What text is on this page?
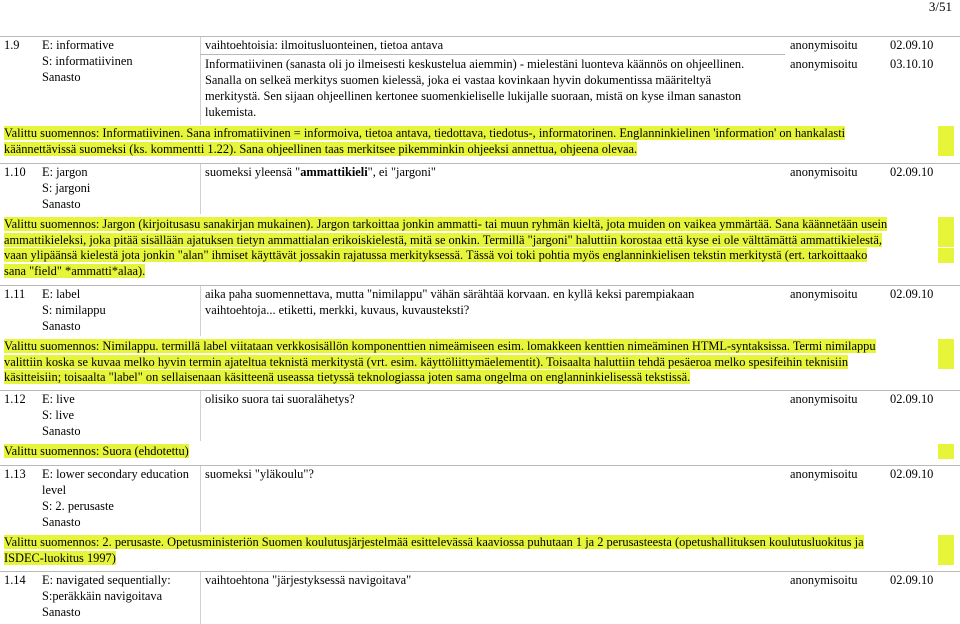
3/51
1.9 E: informative
S: informatiivinen
Sanasto
vaihtoehtoisia: ilmoitusluonteinen, tietoa antava	anonymisoitu	02.09.10
Informatiivinen (sanasta oli jo ilmeisesti keskustelua aiemmin) - mielestäni luonteva käännös on ohjeellinen.
Sanalla on selkeä merkitys suomen kielessä, joka ei vastaa kovinkaan hyvin dokumentissa määriteltyä
merkitystä. Sen sijaan ohjeellinen kertonee suomenkieliselle lukijalle suoraan, mistä on kyse ilman sanaston
lukemista.
anonymisoitu	03.10.10
Valittu suomennos: Informatiivinen. Sana infromatiivinen = informoiva, tietoa antava, tiedottava, tiedotus-, informatorinen. Englanninkielinen 'information' on hankalasti
käännettävissä suomeksi (ks. kommentti 1.22). Sana ohjeellinen taas merkitsee pikemminkin ohjeeksi annettua, ohjeena olevaa.
1.10 E: jargon
S: jargoni
Sanasto
suomeksi yleensä "ammattikieli", ei "jargoni"	anonymisoitu	02.09.10
Valittu suomennos: Jargon (kirjoitusasu sanakirjan mukainen). Jargon tarkoittaa jonkin ammatti- tai muun ryhmän kieltä, jota muiden on vaikea ymmärtää. Sana käännetään usein
ammattikieleksi, joka pitää sisällään ajatuksen tietyn ammattialan erikoiskielestä, mitä se onkin. Termillä "jargoni" haluttiin korostaa että kyse ei ole välttämättä ammattikielestä,
vaan ylipäänsä kielestä jota jonkin "alan" ihmiset käyttävät jossakin rajatussa merkityksessä. Tässä voi toki pohtia myös englanninkielisen tekstin merkitystä (ert. tarkoittaako
sana "field" *ammatti*alaa).
1.11 E: label
S: nimilappu
Sanasto
aika paha suomennettava, mutta "nimilappu" vähän särähtää korvaan. en kyllä keksi parempiakaan
vaihtoehtoja... etiketti, merkki, kuvaus, kuvausteksti?
anonymisoitu	02.09.10
Valittu suomennos: Nimilappu. termillä label viitataan verkkosisällön komponenttien nimeämiseen esim. lomakkeen kenttien nimeäminen HTML-syntaksissa. Termi nimilappu
valittiin koska se kuvaa melko hyvin termin ajateltua teknistä merkitystä (vrt. esim. käyttöliittymäelementit). Toisaalta haluttiin tehdä pesäeroa melko spesifeihin teknisiin
käsitteisiin; toisaalta "label" on sellaisenaan käsitteenä useassa tietyssä teknologiassa joten sama ongelma on englanninkielisessä tekstissä.
1.12 E: live
S: live
Sanasto
olisiko suora tai suoralähetys?	anonymisoitu	02.09.10
Valittu suomennos: Suora (ehdotettu)
1.13 E: lower secondary education
level
S: 2. perusaste
Sanasto
suomeksi "yläkoulu"?	anonymisoitu	02.09.10
Valittu suomennos: 2. perusaste. Opetusministeriön Suomen koulutusjärjestelmää esittelevässä kaaviossa puhutaan 1 ja 2 perusasteesta (opetushallituksen koulutusluokitus ja
ISDEC-luokitus 1997)
1.14 E: navigated sequentially:
S:peräkkäin navigoitava
Sanasto
vaihtoehtona "järjestyksessä navigoitava"	anonymisoitu	02.09.10
